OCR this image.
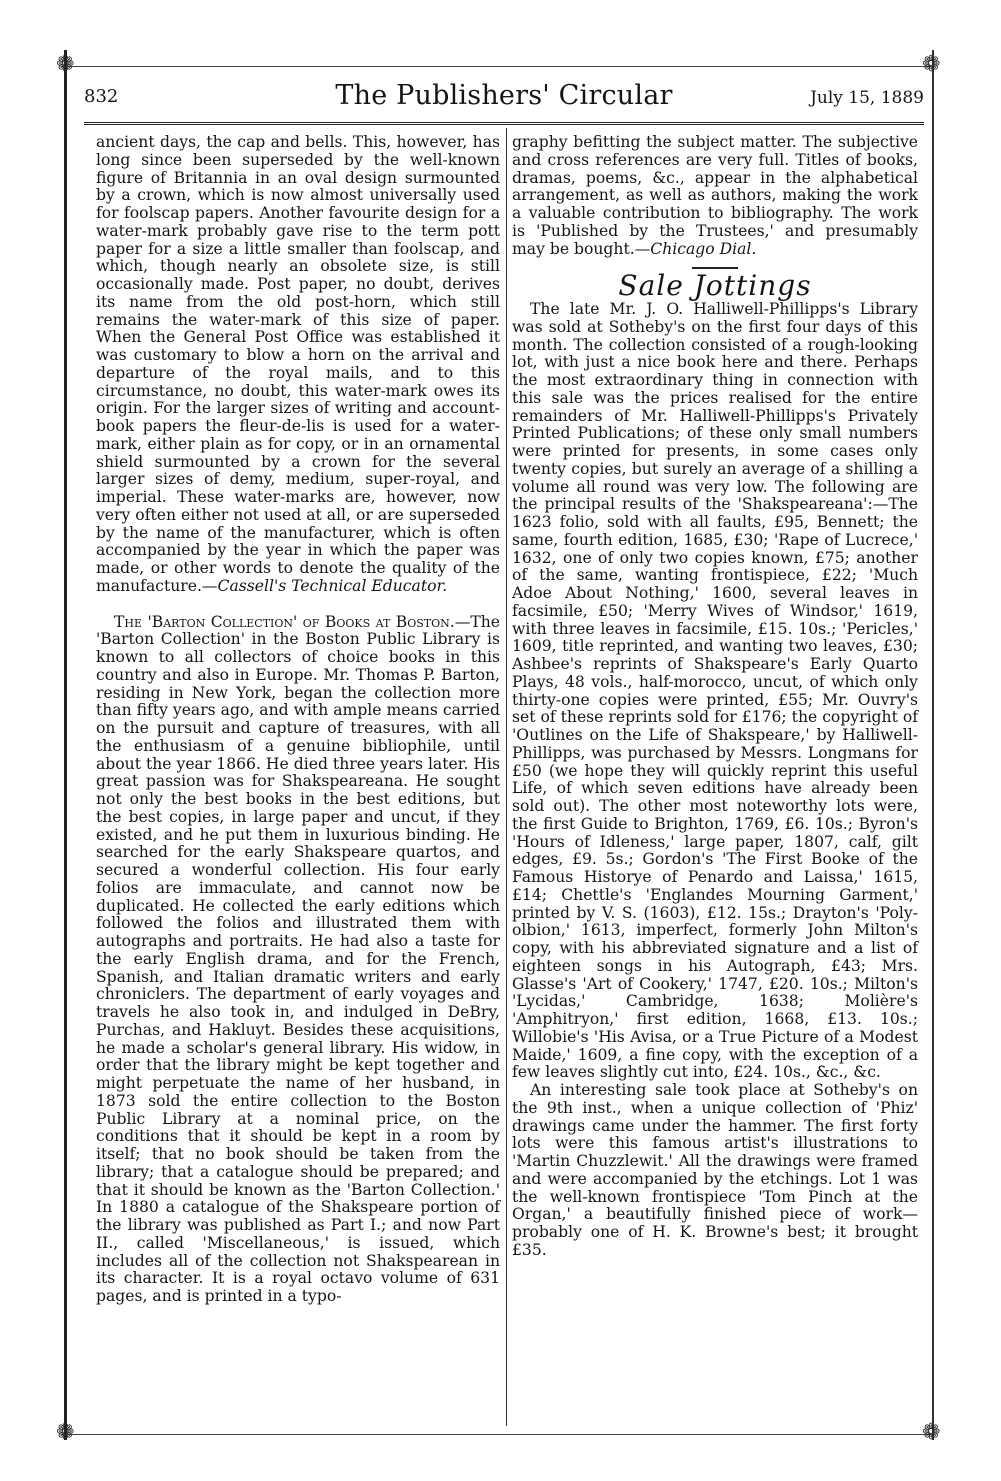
❁	❁
❁	❁
832	The Publishers' Circular	July 15, 1889

ancient days, the cap and bells. This, however, has long since been superseded by the well-known figure of Britannia in an oval design surmounted by a crown, which is now almost universally used for foolscap papers. Another favourite design for a water-mark probably gave rise to the term pott paper for a size a little smaller than foolscap, and which, though nearly an obsolete size, is still occasionally made. Post paper, no doubt, derives its name from the old post-horn, which still remains the water-mark of this size of paper. When the General Post Office was established it was customary to blow a horn on the arrival and departure of the royal mails, and to this circumstance, no doubt, this water-mark owes its origin. For the larger sizes of writing and account-book papers the fleur-de-lis is used for a water-mark, either plain as for copy, or in an ornamental shield surmounted by a crown for the several larger sizes of demy, medium, super-royal, and imperial. These water-marks are, however, now very often either not used at all, or are superseded by the name of the manufacturer, which is often accompanied by the year in which the paper was made, or other words to denote the quality of the manufacture.—Cassell's Technical Educator.

The 'Barton Collection' of Books at Boston.—The 'Barton Collection' in the Boston Public Library is known to all collectors of choice books in this country and also in Europe. Mr. Thomas P. Barton, residing in New York, began the collection more than fifty years ago, and with ample means carried on the pursuit and capture of treasures, with all the enthusiasm of a genuine bibliophile, until about the year 1866. He died three years later. His great passion was for Shakspeareana. He sought not only the best books in the best editions, but the best copies, in large paper and uncut, if they existed, and he put them in luxurious binding. He searched for the early Shakspeare quartos, and secured a wonderful collection. His four early folios are immaculate, and cannot now be duplicated. He collected the early editions which followed the folios and illustrated them with autographs and portraits. He had also a taste for the early English drama, and for the French, Spanish, and Italian dramatic writers and early chroniclers. The department of early voyages and travels he also took in, and indulged in DeBry, Purchas, and Hakluyt. Besides these acquisitions, he made a scholar's general library. His widow, in order that the library might be kept together and might perpetuate the name of her husband, in 1873 sold the entire collection to the Boston Public Library at a nominal price, on the conditions that it should be kept in a room by itself; that no book should be taken from the library; that a catalogue should be prepared; and that it should be known as the 'Barton Collection.' In 1880 a catalogue of the Shakspeare portion of the library was published as Part I.; and now Part II., called 'Miscellaneous,' is issued, which includes all of the collection not Shakspearean in its character. It is a royal octavo volume of 631 pages, and is printed in a typo-

graphy befitting the subject matter. The subjective and cross references are very full. Titles of books, dramas, poems, &c., appear in the alphabetical arrangement, as well as authors, making the work a valuable contribution to bibliography. The work is 'Published by the Trustees,' and presumably may be bought.—Chicago Dial.

Sale Jottings

The late Mr. J. O. Halliwell-Phillipps's Library was sold at Sotheby's on the first four days of this month. The collection consisted of a rough-looking lot, with just a nice book here and there. Perhaps the most extraordinary thing in connection with this sale was the prices realised for the entire remainders of Mr. Halliwell-Phillipps's Privately Printed Publications; of these only small numbers were printed for presents, in some cases only twenty copies, but surely an average of a shilling a volume all round was very low. The following are the principal results of the 'Shakspeareana':—The 1623 folio, sold with all faults, £95, Bennett; the same, fourth edition, 1685, £30; 'Rape of Lucrece,' 1632, one of only two copies known, £75; another of the same, wanting frontispiece, £22; 'Much Adoe About Nothing,' 1600, several leaves in facsimile, £50; 'Merry Wives of Windsor,' 1619, with three leaves in facsimile, £15. 10s.; 'Pericles,' 1609, title reprinted, and wanting two leaves, £30; Ashbee's reprints of Shakspeare's Early Quarto Plays, 48 vols., half-morocco, uncut, of which only thirty-one copies were printed, £55; Mr. Ouvry's set of these reprints sold for £176; the copyright of 'Outlines on the Life of Shakspeare,' by Halliwell-Phillipps, was purchased by Messrs. Longmans for £50 (we hope they will quickly reprint this useful Life, of which seven editions have already been sold out). The other most noteworthy lots were, the first Guide to Brighton, 1769, £6. 10s.; Byron's 'Hours of Idleness,' large paper, 1807, calf, gilt edges, £9. 5s.; Gordon's 'The First Booke of the Famous Historye of Penardo and Laissa,' 1615, £14; Chettle's 'Englandes Mourning Garment,' printed by V. S. (1603), £12. 15s.; Drayton's 'Poly-olbion,' 1613, imperfect, formerly John Milton's copy, with his abbreviated signature and a list of eighteen songs in his Autograph, £43; Mrs. Glasse's 'Art of Cookery,' 1747, £20. 10s.; Milton's 'Lycidas,' Cambridge, 1638; Molière's 'Amphitryon,' first edition, 1668, £13. 10s.; Willobie's 'His Avisa, or a True Picture of a Modest Maide,' 1609, a fine copy, with the exception of a few leaves slightly cut into, £24. 10s., &c., &c.

An interesting sale took place at Sotheby's on the 9th inst., when a unique collection of 'Phiz' drawings came under the hammer. The first forty lots were this famous artist's illustrations to 'Martin Chuzzlewit.' All the drawings were framed and were accompanied by the etchings. Lot 1 was the well-known frontispiece 'Tom Pinch at the Organ,' a beautifully finished piece of work—probably one of H. K. Browne's best; it brought £35.
